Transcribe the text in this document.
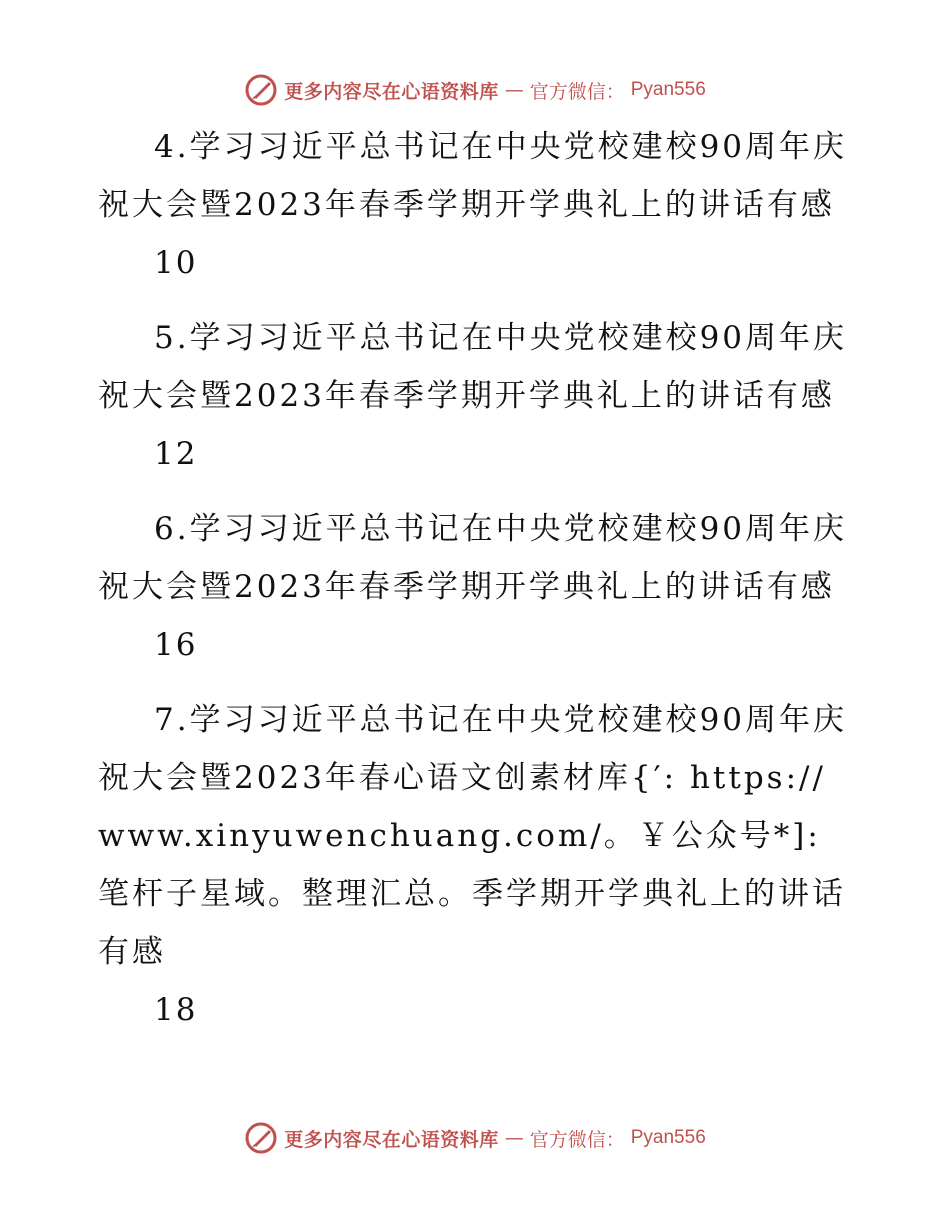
更多内容尽在心语资料库 — 官方微信： Pyan556
4.学习习近平总书记在中央党校建校90周年庆祝大会暨2023年春季学期开学典礼上的讲话有感
10
5.学习习近平总书记在中央党校建校90周年庆祝大会暨2023年春季学期开学典礼上的讲话有感
12
6.学习习近平总书记在中央党校建校90周年庆祝大会暨2023年春季学期开学典礼上的讲话有感
16
7.学习习近平总书记在中央党校建校90周年庆祝大会暨2023年春心语文创素材库{′: https://www.xinyuwenchuang.com/。￥公众号*]: 笔杆子星域。整理汇总。季学期开学典礼上的讲话有感
18
更多内容尽在心语资料库 — 官方微信： Pyan556
